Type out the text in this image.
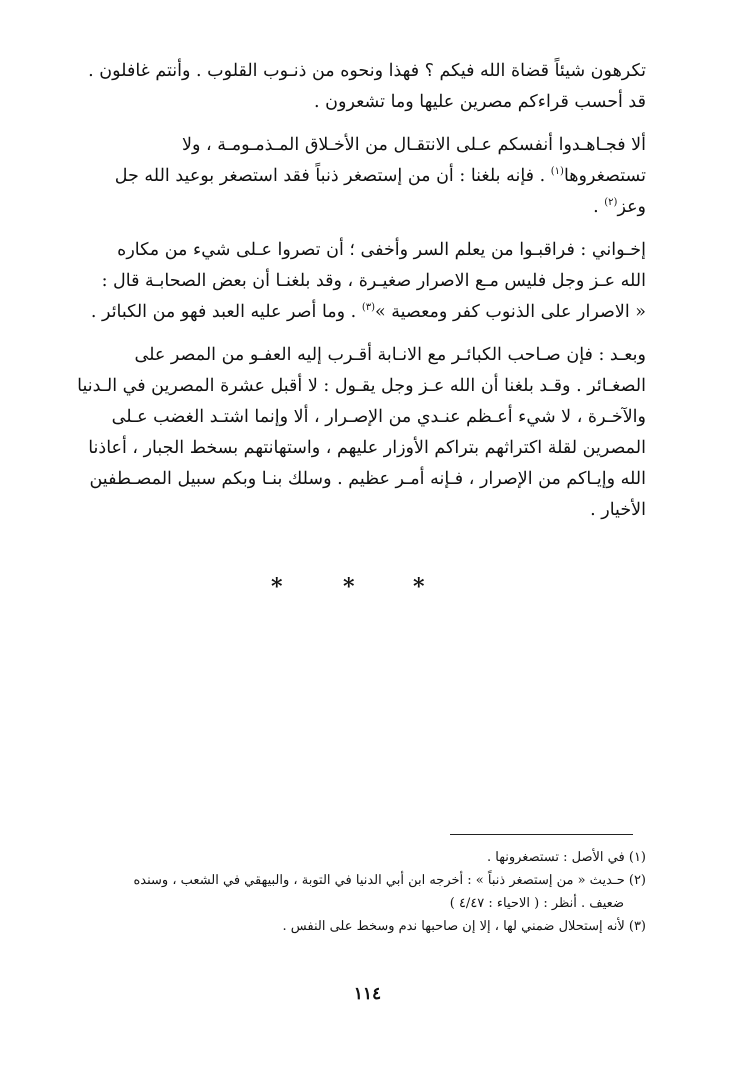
تكرهون شيئاً قضاة الله فيكم ؟ فهذا ونحوه من ذنـوب القلوب . وأنتم غافلون .
قد أحسب قراءكم مصرين عليها وما تشعرون .

ألا فجـاهـدوا أنفسكم عـلى الانتقـال من الأخـلاق المـذمـومـة ، ولا
تستصغروها$^{(١)}$ . فإنه بلغنا : أن من إستصغر ذنباً فقد استصغر بوعيد الله جل
وعز$^{(٢)}$ .

إخـواني : فراقبـوا من يعلم السر وأخفى ؛ أن تصروا عـلى شيء من مكاره
الله عـز وجل فليس مـع الاصرار صغيـرة ، وقد بلغنـا أن بعض الصحابـة قال :
« الاصرار على الذنوب كفر ومعصية »$^{(٣)}$ . وما أصر عليه العبد فهو من الكبائر .

وبعـد : فإن صـاحب الكبائـر مع الانـابة أقـرب إليه العفـو من المصر على
الصغـائر . وقـد بلغنا أن الله عـز وجل يقـول : لا أقبل عشرة المصرين في الـدنيا
والآخـرة ، لا شيء أعـظم عنـدي من الإصـرار ، ألا وإنما اشتـد الغضب عـلى
المصرين لقلة اكتراثهم بتراكم الأوزار عليهم ، واستهانتهم بسخط الجبار ، أعاذنا
الله وإيـاكم من الإصرار ، فـإنه أمـر عظيم . وسلك بنـا وبكم سبيل المصـطفين
الأخيار .

*	*	*
(١) في الأصل : تستصغرونها .
(٢) حـديث « من إستصغر ذنباً » : أخرجه ابن أبي الدنيا في التوبة ، والبيهقي في الشعب ، وسنده
ضعيف . أنظر : ( الاحياء : ٤/٤٧ )
(٣) لأنه إستحلال ضمني لها ، إلا إن صاحبها ندم وسخط على النفس .
١١٤
